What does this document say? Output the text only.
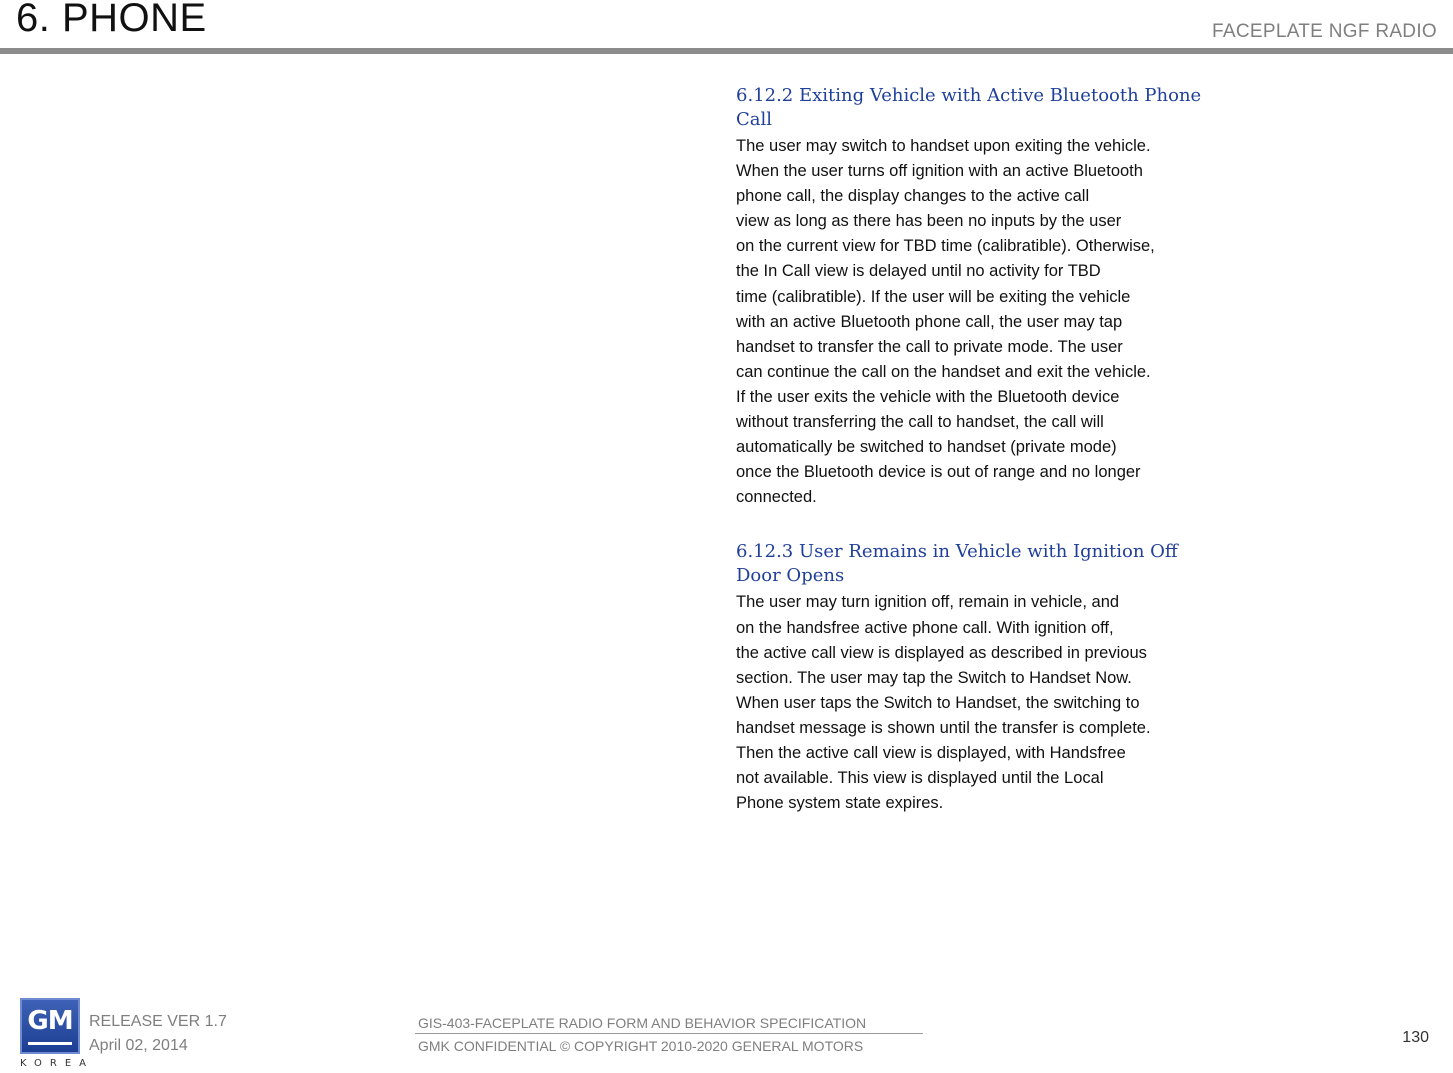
6. PHONE	FACEPLATE NGF RADIO
6.12.2 Exiting Vehicle with Active Bluetooth Phone
Call
The user may switch to handset upon exiting the vehicle.
When the user turns off ignition with an active Bluetooth
phone call, the display changes to the active call
view as long as there has been no inputs by the user
on the current view for TBD time (calibratible). Otherwise,
the In Call view is delayed until no activity for TBD
time (calibratible). If the user will be exiting the vehicle
with an active Bluetooth phone call, the user may tap
handset to transfer the call to private mode. The user
can continue the call on the handset and exit the vehicle.
If the user exits the vehicle with the Bluetooth device
without transferring the call to handset, the call will
automatically be switched to handset (private mode)
once the Bluetooth device is out of range and no longer
connected.
6.12.3 User Remains in Vehicle with Ignition Off
Door Opens
The user may turn ignition off, remain in vehicle, and
on the handsfree active phone call. With ignition off,
the active call view is displayed as described in previous
section. The user may tap the Switch to Handset Now.
When user taps the Switch to Handset, the switching to
handset message is shown until the transfer is complete.
Then the active call view is displayed, with Handsfree
not available. This view is displayed until the Local
Phone system state expires.
GM
KOREA
RELEASE VER 1.7
April 02, 2014
GIS-403-FACEPLATE RADIO FORM AND BEHAVIOR SPECIFICATION
GMK CONFIDENTIAL © COPYRIGHT 2010-2020 GENERAL MOTORS	130
